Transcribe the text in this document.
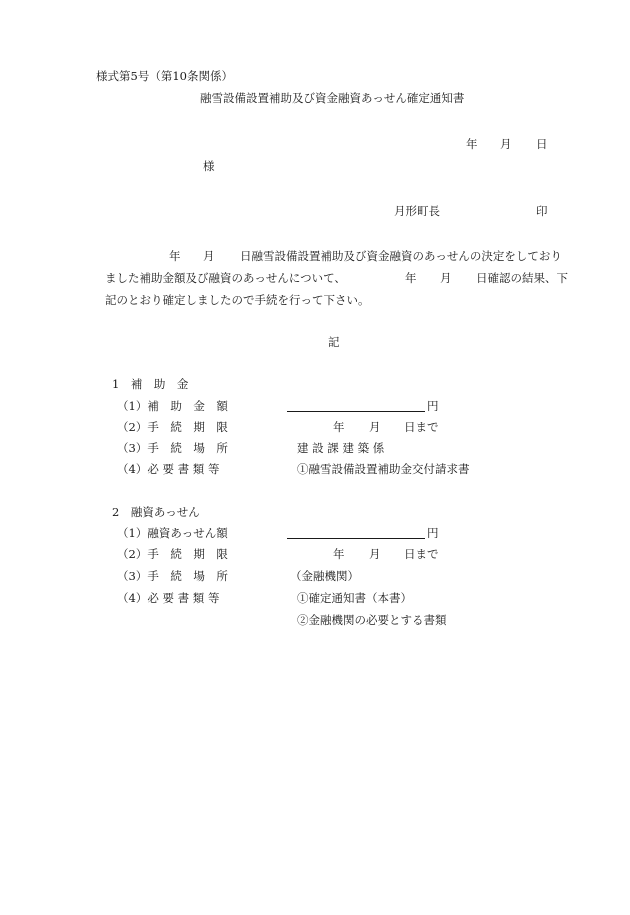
様式第5号（第10条関係）
融雪設備設置補助及び資金融資あっせん確定通知書
年 月 日
様
月形町長	印
年 月 日融雪設備設置補助及び資金融資のあっせんの決定をしており
ました補助金額及び融資のあっせんについて、	年 月 日確認の結果、下
記のとおり確定しましたので手続を行って下さい。
記
1　補　助　金
（1）補　助　金　額	円
（2）手　続　期　限	年 月 日まで
（3）手　続　場　所	建 設 課 建 築 係
（4）必 要 書 類 等	①融雪設備設置補助金交付請求書
2　融資あっせん
（1）融資あっせん額	円
（2）手　続　期　限	年 月 日まで
（3）手　続　場　所	（金融機関）
（4）必 要 書 類 等	①確定通知書（本書）
②金融機関の必要とする書類
